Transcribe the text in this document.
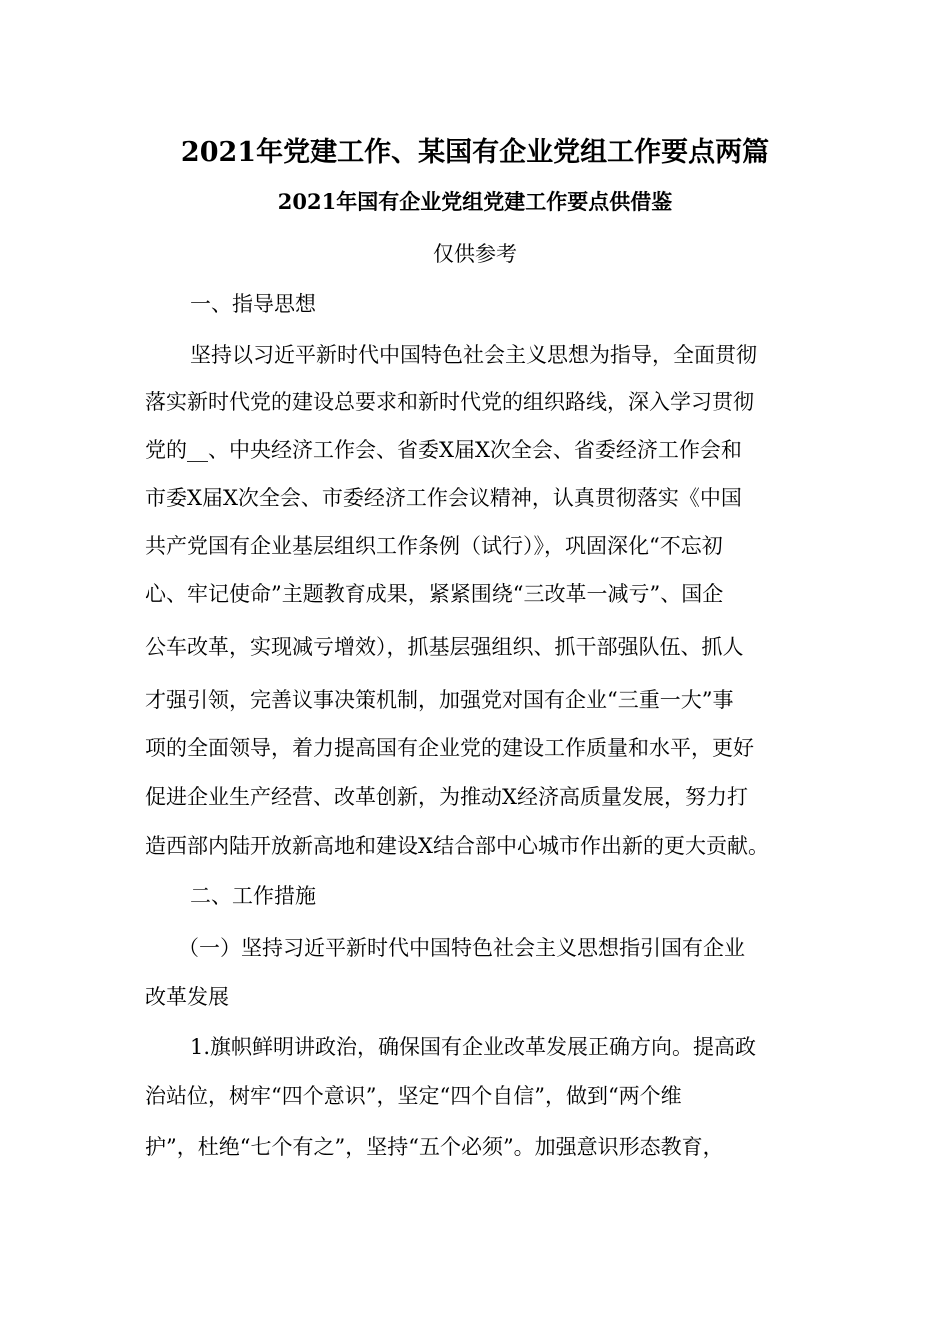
2021年党建工作、某国有企业党组工作要点两篇
2021年国有企业党组党建工作要点供借鉴
仅供参考
一、指导思想
坚持以习近平新时代中国特色社会主义思想为指导，全面贯彻
落实新时代党的建设总要求和新时代党的组织路线，深入学习贯彻
党的__、中央经济工作会、省委X届X次全会、省委经济工作会和
市委X届X次全会、市委经济工作会议精神，认真贯彻落实《中国
共产党国有企业基层组织工作条例（试行）》，巩固深化“不忘初
心、牢记使命”主题教育成果，紧紧围绕“三改革一减亏”、国企
公车改革，实现减亏增效），抓基层强组织、抓干部强队伍、抓人
才强引领，完善议事决策机制，加强党对国有企业“三重一大”事
项的全面领导，着力提高国有企业党的建设工作质量和水平，更好
促进企业生产经营、改革创新，为推动X经济高质量发展，努力打
造西部内陆开放新高地和建设X结合部中心城市作出新的更大贡献。
二、工作措施
（一）坚持习近平新时代中国特色社会主义思想指引国有企业
改革发展
1.旗帜鲜明讲政治，确保国有企业改革发展正确方向。提高政
治站位，树牢“四个意识”，坚定“四个自信”，做到“两个维
护”，杜绝“七个有之”，坚持“五个必须”。加强意识形态教育，
